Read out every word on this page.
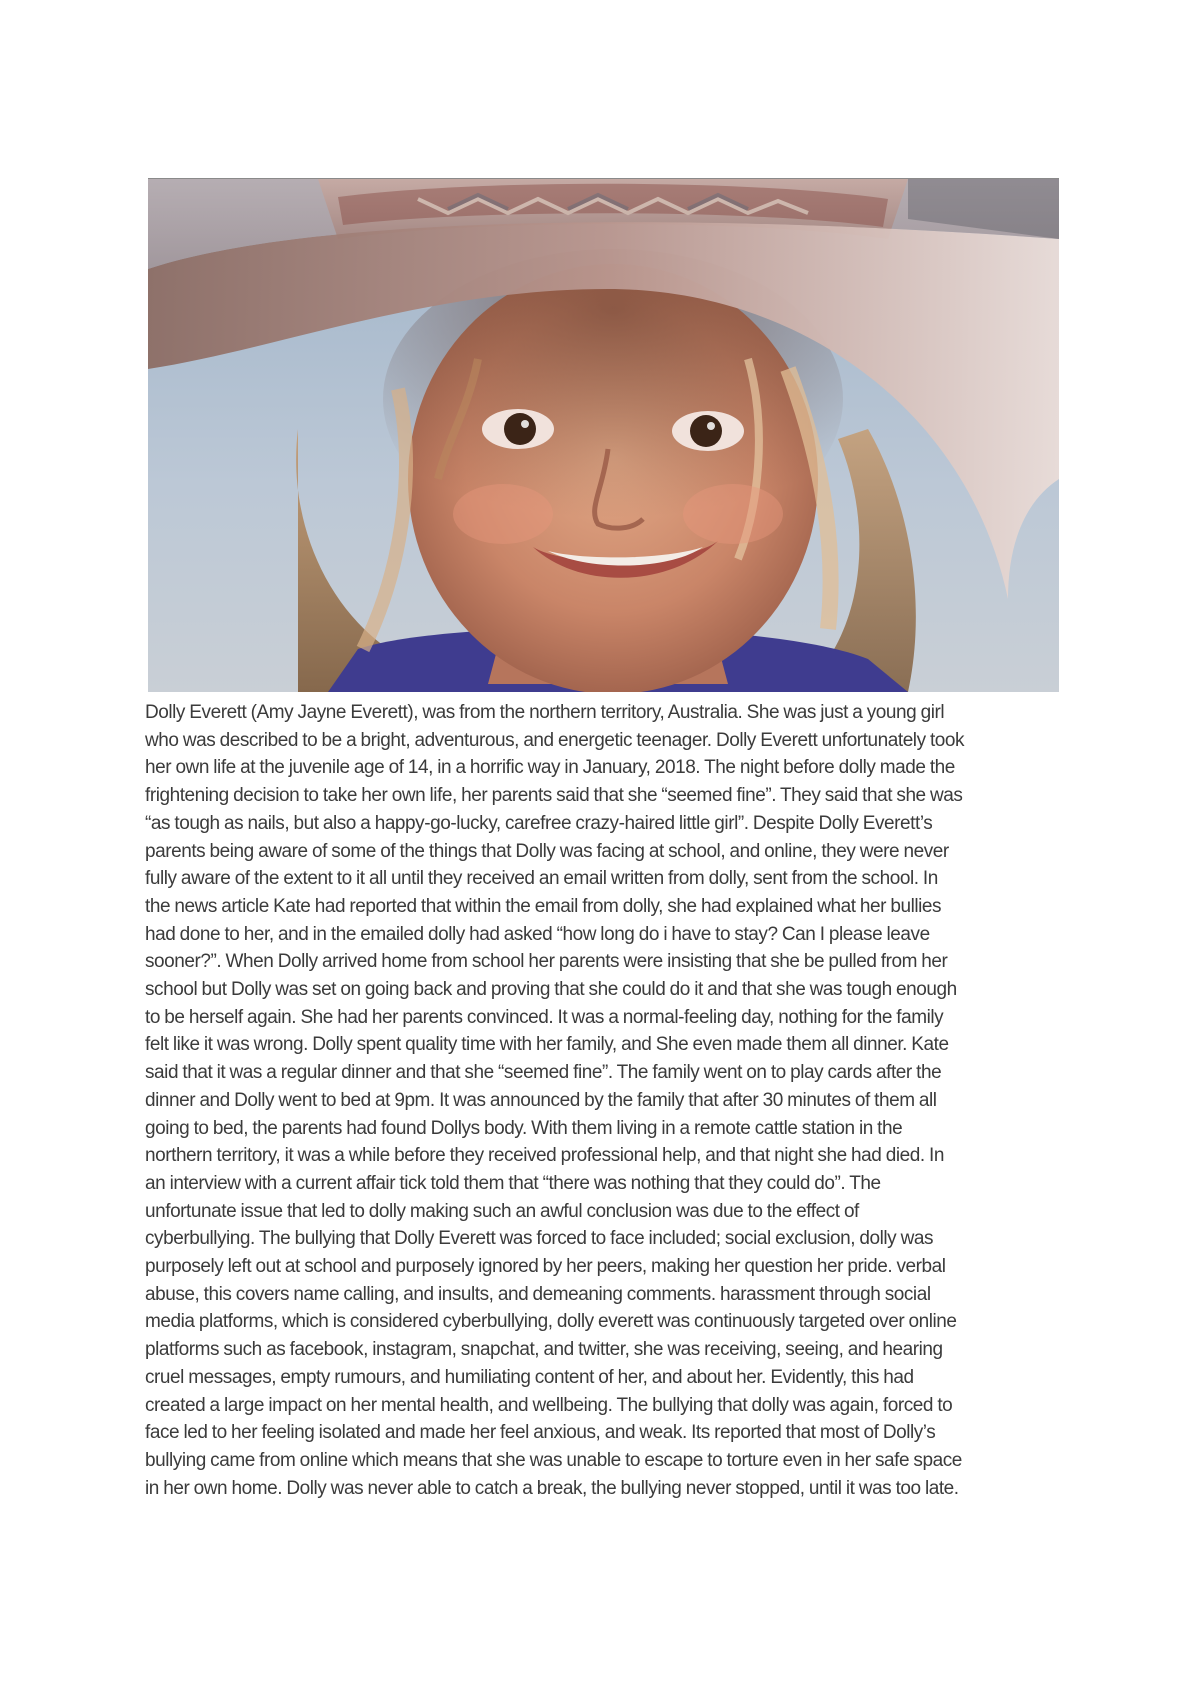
Dolly Everett (Amy Jayne Everett), was from the northern territory, Australia. She was just a young girl
who was described to be a bright, adventurous, and energetic teenager. Dolly Everett unfortunately took
her own life at the juvenile age of 14, in a horrific way in January, 2018. The night before dolly made the
frightening decision to take her own life, her parents said that she “seemed fine”. They said that she was
“as tough as nails, but also a happy-go-lucky, carefree crazy-haired little girl”. Despite Dolly Everett’s
parents being aware of some of the things that Dolly was facing at school, and online, they were never
fully aware of the extent to it all until they received an email written from dolly, sent from the school. In
the news article Kate had reported that within the email from dolly, she had explained what her bullies
had done to her, and in the emailed dolly had asked “how long do i have to stay? Can I please leave
sooner?”. When Dolly arrived home from school her parents were insisting that she be pulled from her
school but Dolly was set on going back and proving that she could do it and that she was tough enough
to be herself again. She had her parents convinced. It was a normal-feeling day, nothing for the family
felt like it was wrong. Dolly spent quality time with her family, and She even made them all dinner. Kate
said that it was a regular dinner and that she “seemed fine”. The family went on to play cards after the
dinner and Dolly went to bed at 9pm. It was announced by the family that after 30 minutes of them all
going to bed, the parents had found Dollys body. With them living in a remote cattle station in the
northern territory, it was a while before they received professional help, and that night she had died. In
an interview with a current affair tick told them that “there was nothing that they could do”. The
unfortunate issue that led to dolly making such an awful conclusion was due to the effect of
cyberbullying. The bullying that Dolly Everett was forced to face included; social exclusion, dolly was
purposely left out at school and purposely ignored by her peers, making her question her pride. verbal
abuse, this covers name calling, and insults, and demeaning comments. harassment through social
media platforms, which is considered cyberbullying, dolly everett was continuously targeted over online
platforms such as facebook, instagram, snapchat, and twitter, she was receiving, seeing, and hearing
cruel messages, empty rumours, and humiliating content of her, and about her. Evidently, this had
created a large impact on her mental health, and wellbeing. The bullying that dolly was again, forced to
face led to her feeling isolated and made her feel anxious, and weak. Its reported that most of Dolly’s
bullying came from online which means that she was unable to escape to torture even in her safe space
in her own home. Dolly was never able to catch a break, the bullying never stopped, until it was too late.
